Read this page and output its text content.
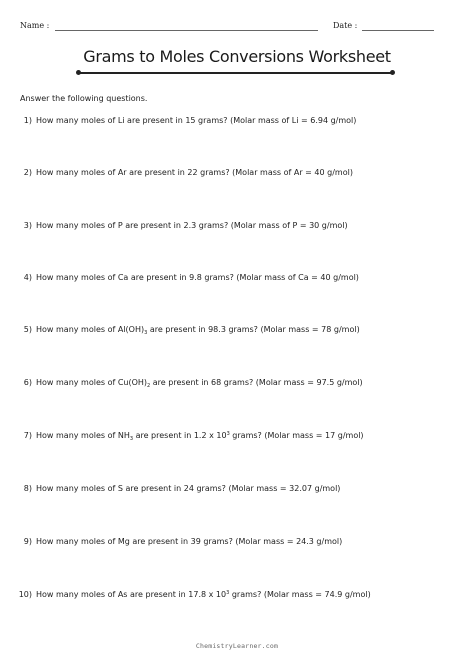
Name :	Date :
Grams to Moles Conversions Worksheet
Answer the following questions.
1) How many moles of Li are present in 15 grams? (Molar mass of Li = 6.94 g/mol)
2) How many moles of Ar are present in 22 grams? (Molar mass of Ar = 40 g/mol)
3) How many moles of P are present in 2.3 grams? (Molar mass of P = 30 g/mol)
4) How many moles of Ca are present in 9.8 grams? (Molar mass of Ca = 40 g/mol)
5) How many moles of $Al(OH)_3$ are present in 98.3 grams? (Molar mass = 78 g/mol)
6) How many moles of $Cu(OH)_2$ are present in 68 grams? (Molar mass = 97.5 g/mol)
7) How many moles of $NH_3$ are present in 1.2 x $10^3$ grams? (Molar mass = 17 g/mol)
8) How many moles of S are present in 24 grams? (Molar mass = 32.07 g/mol)
9) How many moles of Mg are present in 39 grams? (Molar mass = 24.3 g/mol)
10) How many moles of As are present in 17.8 x $10^3$ grams? (Molar mass = 74.9 g/mol)
ChemistryLearner.com
